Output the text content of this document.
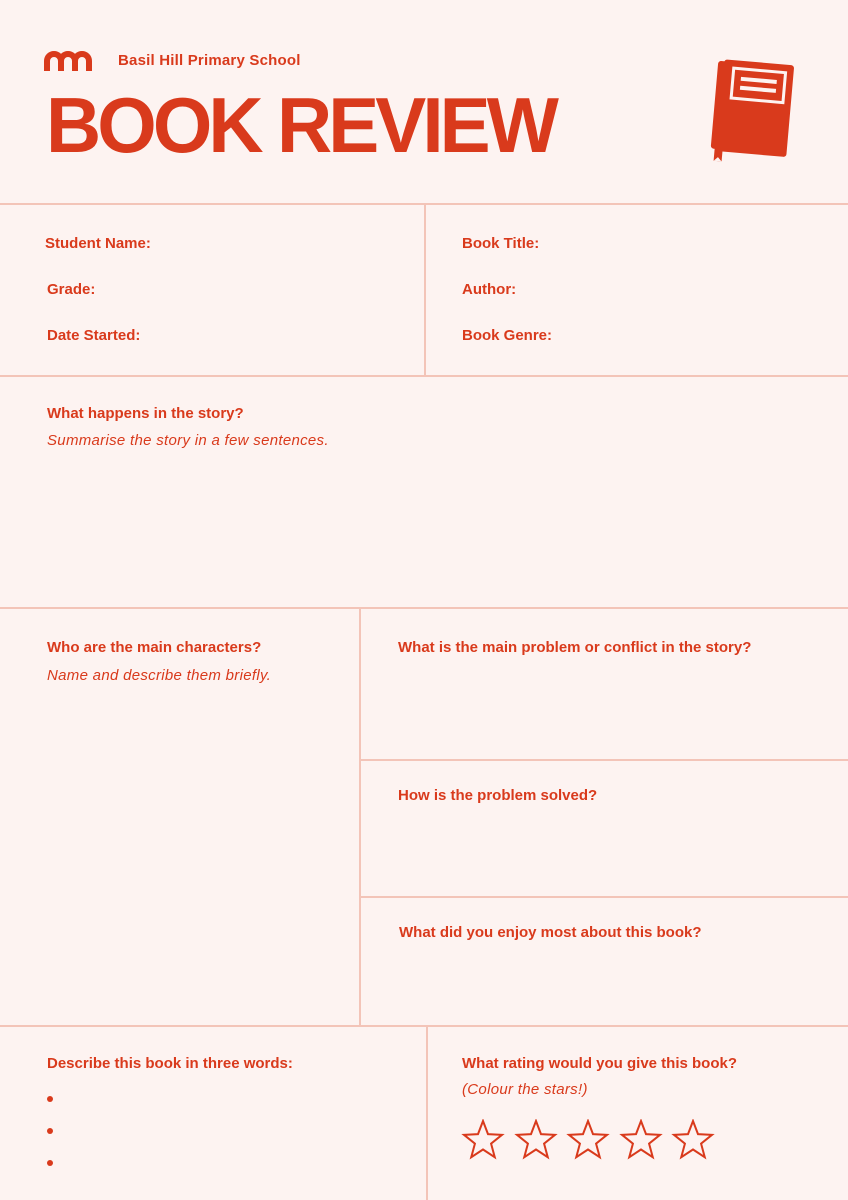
Basil Hill Primary School
BOOK REVIEW
Student Name:
Grade:
Date Started:
Book Title:
Author:
Book Genre:
What happens in the story?
Summarise the story in a few sentences.
Who are the main characters?
Name and describe them briefly.
What is the main problem or conflict in the story?
How is the problem solved?
What did you enjoy most about this book?
Describe this book in three words:	What rating would you give this book?
(Colour the stars!)
